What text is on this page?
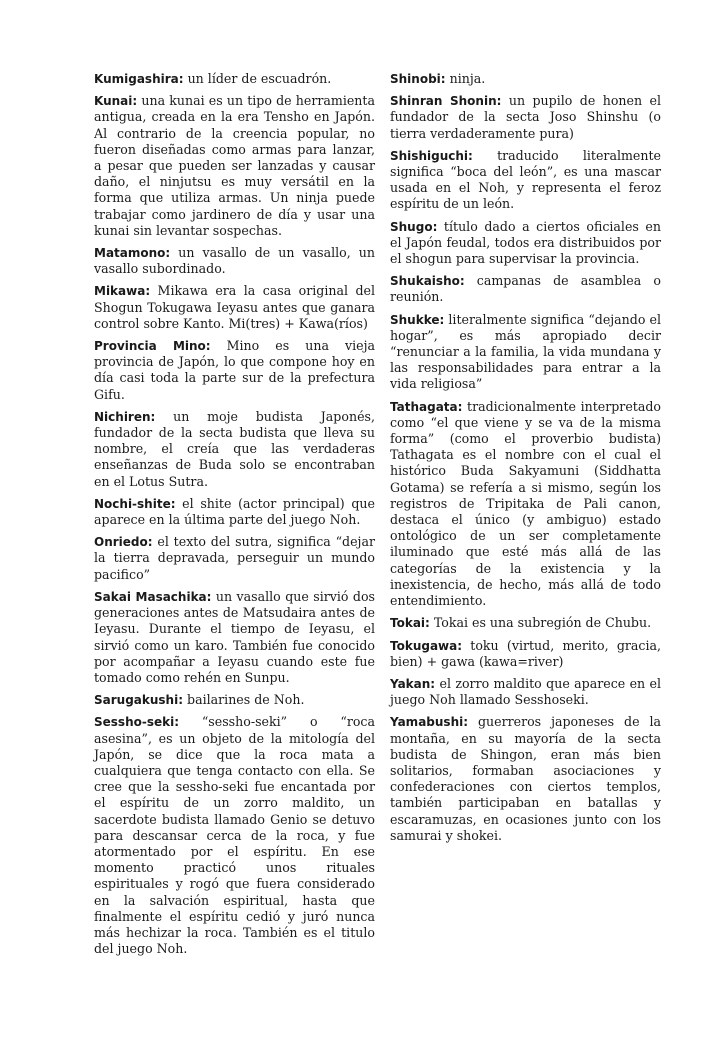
Kumigashira: un líder de escuadrón.

Kunai: una kunai es un tipo de herramienta antigua, creada en la era Tensho en Japón. Al contrario de la creencia popular, no fueron diseñadas como armas para lanzar, a pesar que pueden ser lanzadas y causar daño, el ninjutsu es muy versátil en la forma que utiliza armas. Un ninja puede trabajar como jardinero de día y usar una kunai sin levantar sospechas.

Matamono: un vasallo de un vasallo, un vasallo subordinado.

Mikawa: Mikawa era la casa original del Shogun Tokugawa Ieyasu antes que ganara control sobre Kanto. Mi(tres) + Kawa(ríos)

Provincia Mino: Mino es una vieja provincia de Japón, lo que compone hoy en día casi toda la parte sur de la prefectura Gifu.

Nichiren: un moje budista Japonés, fundador de la secta budista que lleva su nombre, el creía que las verdaderas enseñanzas de Buda solo se encontraban en el Lotus Sutra.

Nochi-shite: el shite (actor principal) que aparece en la última parte del juego Noh.

Onriedo: el texto del sutra, significa “dejar la tierra depravada, perseguir un mundo pacifico”

Sakai Masachika: un vasallo que sirvió dos generaciones antes de Matsudaira antes de Ieyasu. Durante el tiempo de Ieyasu, el sirvió como un karo. También fue conocido por acompañar a Ieyasu cuando este fue tomado como rehén en Sunpu.

Sarugakushi: bailarines de Noh.

Sessho-seki: “sessho-seki” o “roca asesina”, es un objeto de la mitología del Japón, se dice que la roca mata a cualquiera que tenga contacto con ella. Se cree que la sessho-seki fue encantada por el espíritu de un zorro maldito, un sacerdote budista llamado Genio se detuvo para descansar cerca de la roca, y fue atormentado por el espíritu. En ese momento practicó unos rituales espirituales y rogó que fuera considerado en la salvación espiritual, hasta que finalmente el espíritu cedió y juró nunca más hechizar la roca. También es el titulo del juego Noh.

Shinobi: ninja.

Shinran Shonin: un pupilo de honen el fundador de la secta Joso Shinshu (o tierra verdaderamente pura)

Shishiguchi: traducido literalmente significa “boca del león”, es una mascar usada en el Noh, y representa el feroz espíritu de un león.

Shugo: título dado a ciertos oficiales en el Japón feudal, todos era distribuidos por el shogun para supervisar la provincia.

Shukaisho: campanas de asamblea o reunión.

Shukke: literalmente significa “dejando el hogar”, es más apropiado decir “renunciar a la familia, la vida mundana y las responsabilidades para entrar a la vida religiosa”

Tathagata: tradicionalmente interpretado como “el que viene y se va de la misma forma” (como el proverbio budista) Tathagata es el nombre con el cual el histórico Buda Sakyamuni (Siddhatta Gotama) se refería a si mismo, según los registros de Tripitaka de Pali canon, destaca el único (y ambiguo) estado ontológico de un ser completamente iluminado que esté más allá de las categorías de la existencia y la inexistencia, de hecho, más allá de todo entendimiento.

Tokai: Tokai es una subregión de Chubu.

Tokugawa: toku (virtud, merito, gracia, bien) + gawa (kawa=river)

Yakan: el zorro maldito que aparece en el juego Noh llamado Sesshoseki.

Yamabushi: guerreros japoneses de la montaña, en su mayoría de la secta budista de Shingon, eran más bien solitarios, formaban asociaciones y confederaciones con ciertos templos, también participaban en batallas y escaramuzas, en ocasiones junto con los samurai y shokei.
